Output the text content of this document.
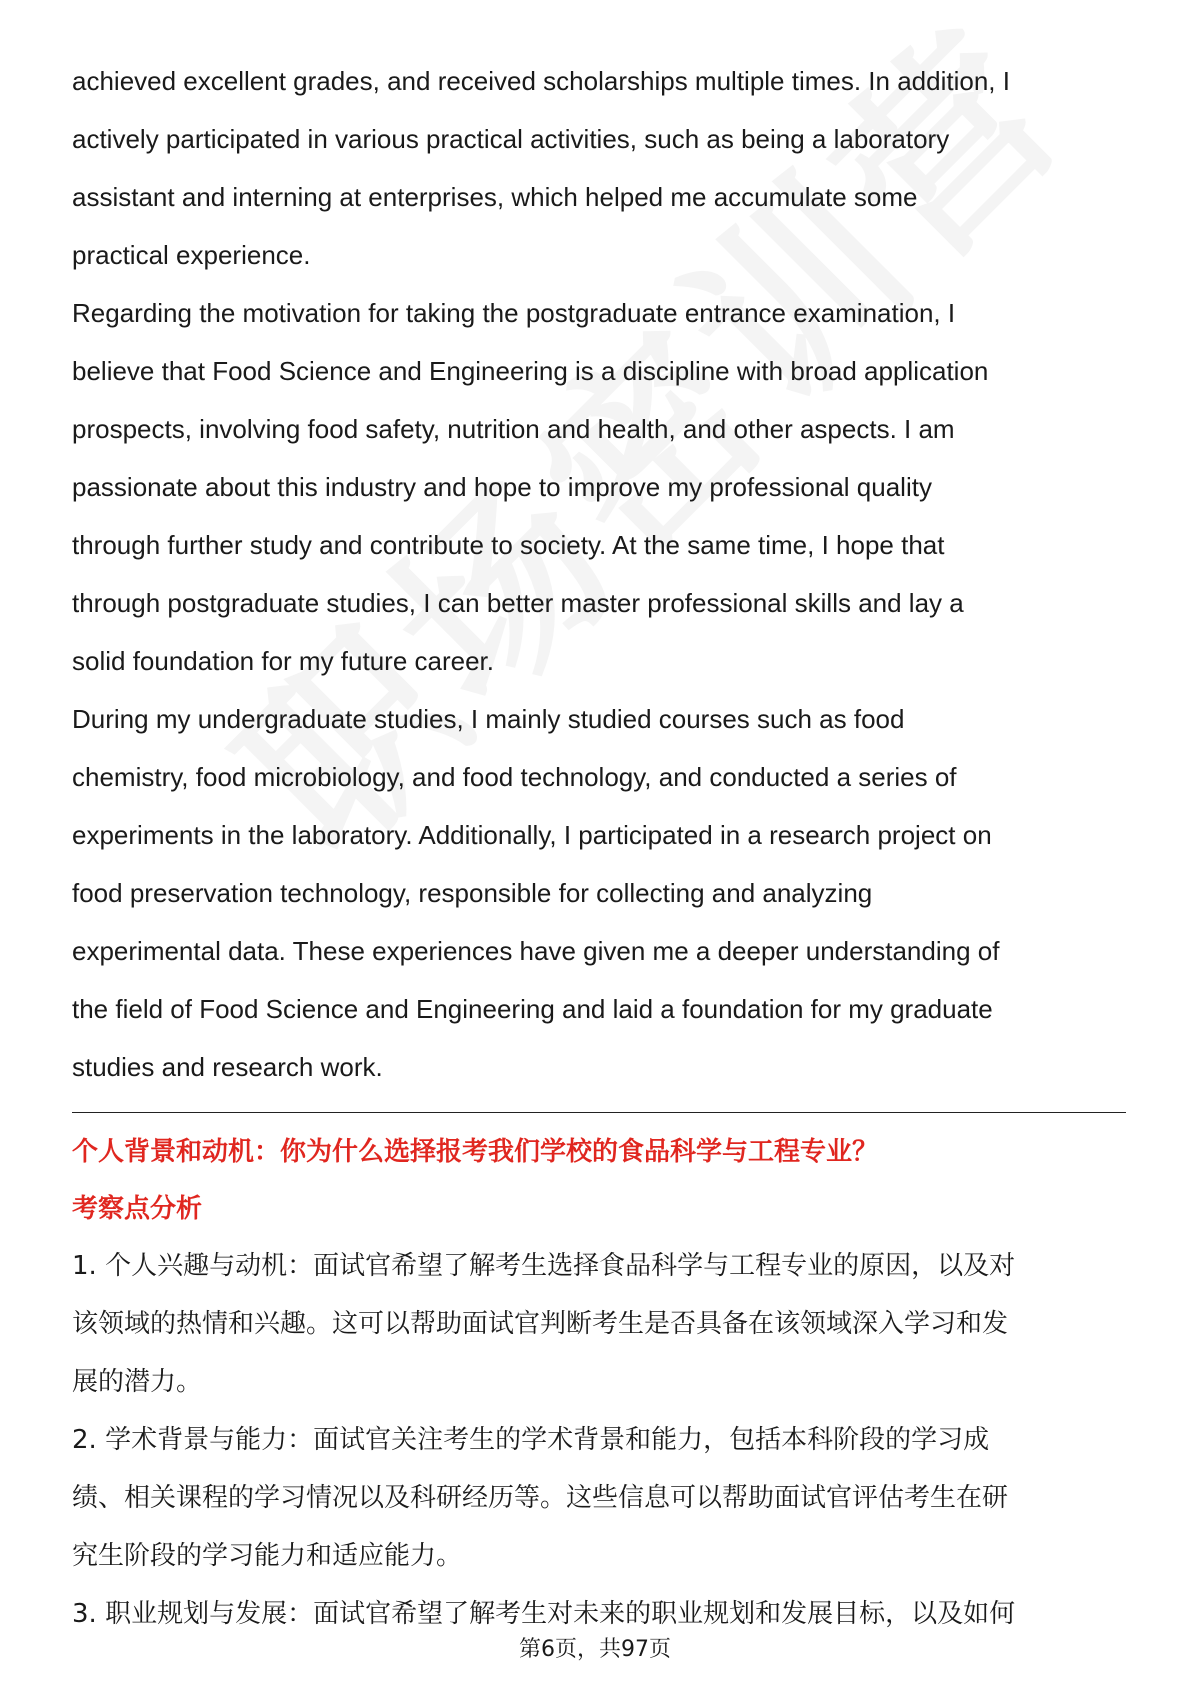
achieved excellent grades, and received scholarships multiple times. In addition, I

actively participated in various practical activities, such as being a laboratory

assistant and interning at enterprises, which helped me accumulate some

practical experience.

Regarding the motivation for taking the postgraduate entrance examination, I

believe that Food Science and Engineering is a discipline with broad application

prospects, involving food safety, nutrition and health, and other aspects. I am

passionate about this industry and hope to improve my professional quality

through further study and contribute to society. At the same time, I hope that

through postgraduate studies, I can better master professional skills and lay a

solid foundation for my future career.

During my undergraduate studies, I mainly studied courses such as food

chemistry, food microbiology, and food technology, and conducted a series of

experiments in the laboratory. Additionally, I participated in a research project on

food preservation technology, responsible for collecting and analyzing

experimental data. These experiences have given me a deeper understanding of

the field of Food Science and Engineering and laid a foundation for my graduate

studies and research work.

个人背景和动机：你为什么选择报考我们学校的食品科学与工程专业？

考察点分析

1. 个人兴趣与动机：面试官希望了解考生选择食品科学与工程专业的原因，以及对

该领域的热情和兴趣。这可以帮助面试官判断考生是否具备在该领域深入学习和发

展的潜力。

2. 学术背景与能力：面试官关注考生的学术背景和能力，包括本科阶段的学习成

绩、相关课程的学习情况以及科研经历等。这些信息可以帮助面试官评估考生在研

究生阶段的学习能力和适应能力。

3. 职业规划与发展：面试官希望了解考生对未来的职业规划和发展目标，以及如何

第6页，共97页
